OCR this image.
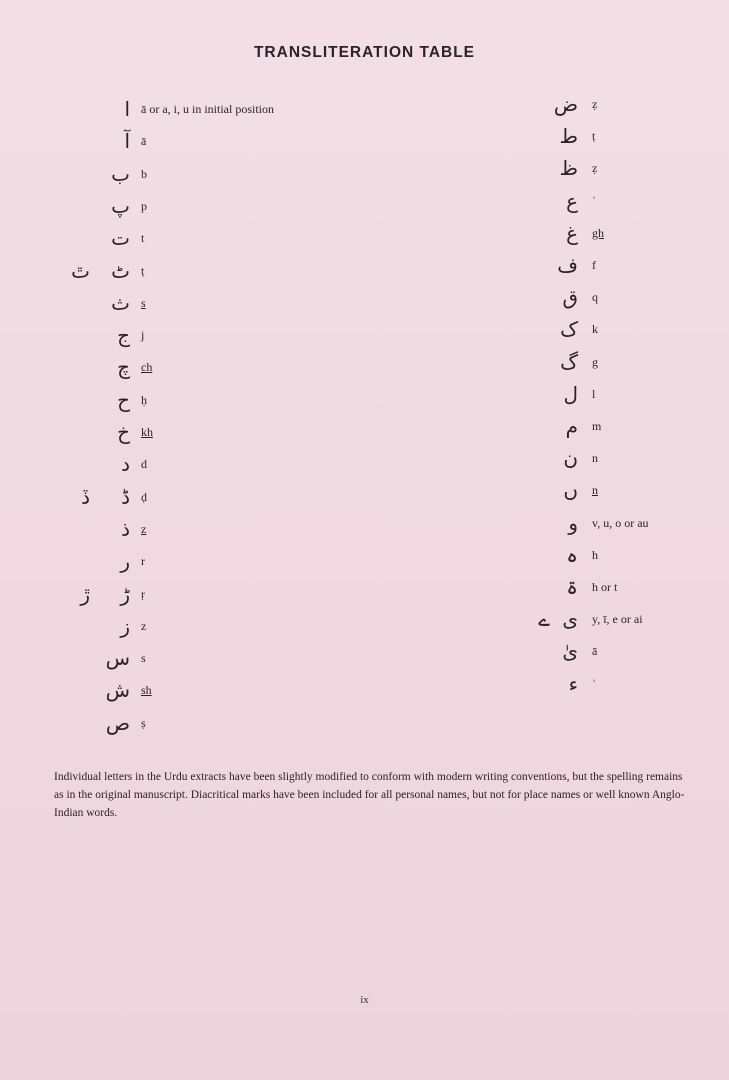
TRANSLITERATION TABLE
ا ā or a, i, u in initial position
آ ā
ب b
پ p
ت t
ٿ	ٹ ṭ
ث s
ج j
چ ch
ح ḥ
خ kh
د d
ڏ	ڈ ḍ
ذ z
ر r
ڙ	ڑ ṛ
ز z
س s
ش sh
ص ṣ
ض ẓ
ط ṭ
ظ ẓ
ع ʿ
غ gh
ف f
ق q
ک k
گ g
ل l
م m
ن n
ں n
و v, u, o or au
ہ h
ۃ h or t
ے ی y, ī, e or ai
یٰ ā
ء ʾ
Individual letters in the Urdu extracts have been slightly modified to conform with modern writing conventions, but the spelling remains as in the original manuscript. Diacritical marks have been included for all personal names, but not for place names or well known Anglo-Indian words.
ix
